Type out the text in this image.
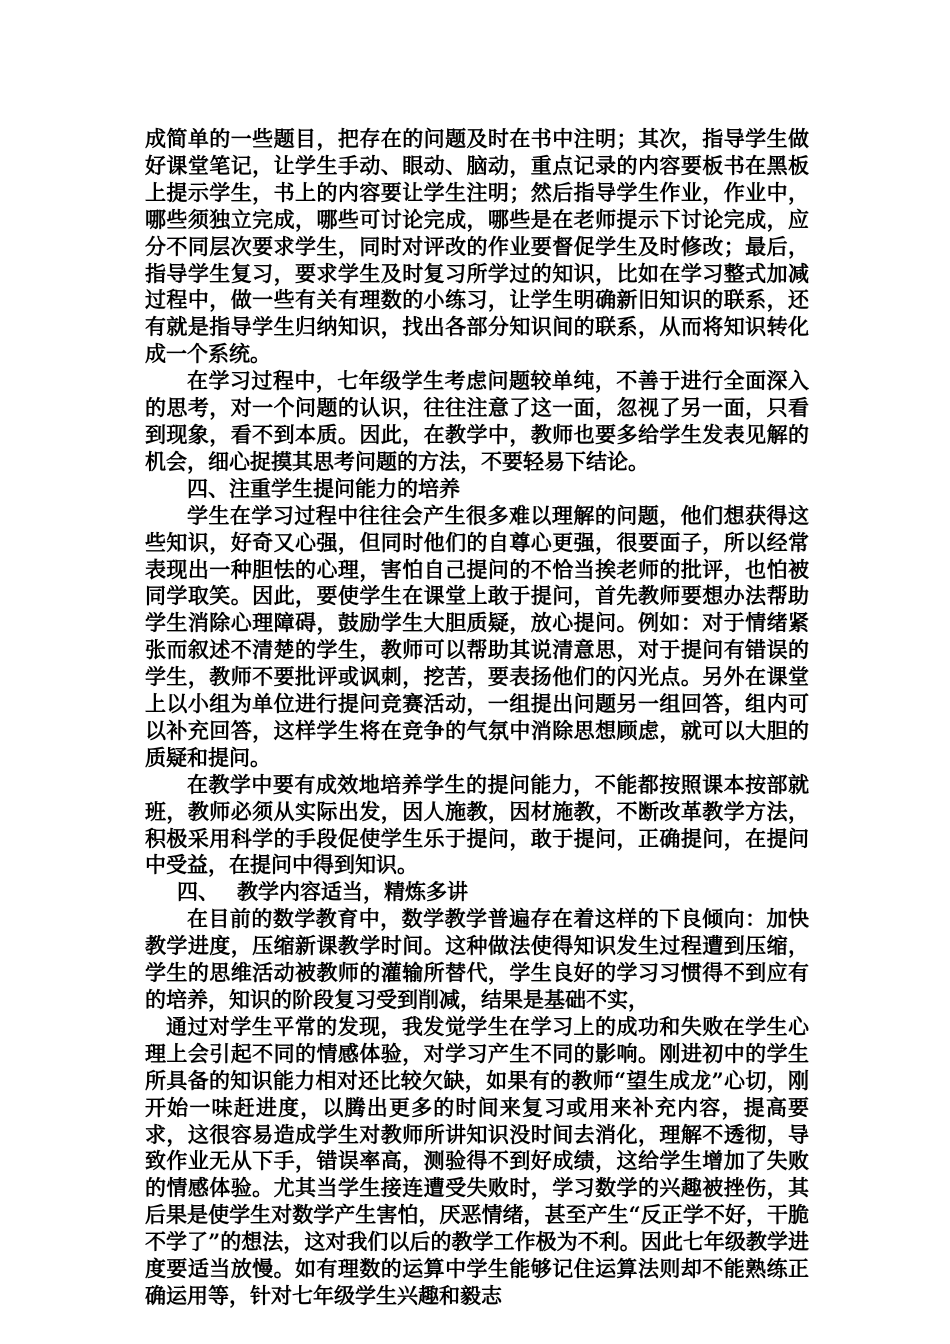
成简单的一些题目，把存在的问题及时在书中注明；其次，指导学生做好课堂笔记，让学生手动、眼动、脑动，重点记录的内容要板书在黑板上提示学生，书上的内容要让学生注明；然后指导学生作业，作业中，哪些须独立完成，哪些可讨论完成，哪些是在老师提示下讨论完成，应分不同层次要求学生，同时对评改的作业要督促学生及时修改；最后，指导学生复习，要求学生及时复习所学过的知识，比如在学习整式加减过程中，做一些有关有理数的小练习，让学生明确新旧知识的联系，还有就是指导学生归纳知识，找出各部分知识间的联系，从而将知识转化成一个系统。

在学习过程中，七年级学生考虑问题较单纯，不善于进行全面深入的思考，对一个问题的认识，往往注意了这一面，忽视了另一面，只看到现象，看不到本质。因此，在教学中，教师也要多给学生发表见解的机会，细心捉摸其思考问题的方法，不要轻易下结论。

四、注重学生提问能力的培养

学生在学习过程中往往会产生很多难以理解的问题，他们想获得这些知识，好奇又心强，但同时他们的自尊心更强，很要面子，所以经常表现出一种胆怯的心理，害怕自己提问的不恰当挨老师的批评，也怕被同学取笑。因此，要使学生在课堂上敢于提问，首先教师要想办法帮助学生消除心理障碍，鼓励学生大胆质疑，放心提问。例如：对于情绪紧张而叙述不清楚的学生，教师可以帮助其说清意思，对于提问有错误的学生，教师不要批评或讽刺，挖苦，要表扬他们的闪光点。另外在课堂上以小组为单位进行提问竞赛活动，一组提出问题另一组回答，组内可以补充回答，这样学生将在竞争的气氛中消除思想顾虑，就可以大胆的质疑和提问。

在教学中要有成效地培养学生的提问能力，不能都按照课本按部就班，教师必须从实际出发，因人施教，因材施教，不断改革教学方法，积极采用科学的手段促使学生乐于提问，敢于提问，正确提问，在提问中受益，在提问中得到知识。

四、 教学内容适当，精炼多讲

在目前的数学教育中，数学教学普遍存在着这样的下良倾向：加快教学进度，压缩新课教学时间。这种做法使得知识发生过程遭到压缩，学生的思维活动被教师的灌输所替代，学生良好的学习习惯得不到应有的培养，知识的阶段复习受到削减，结果是基础不实，

通过对学生平常的发现，我发觉学生在学习上的成功和失败在学生心理上会引起不同的情感体验，对学习产生不同的影响。刚进初中的学生所具备的知识能力相对还比较欠缺，如果有的教师“望生成龙”心切，刚开始一味赶进度，以腾出更多的时间来复习或用来补充内容，提高要求，这很容易造成学生对教师所讲知识没时间去消化，理解不透彻，导致作业无从下手，错误率高，测验得不到好成绩，这给学生增加了失败的情感体验。尤其当学生接连遭受失败时，学习数学的兴趣被挫伤，其后果是使学生对数学产生害怕，厌恶情绪，甚至产生“反正学不好，干脆不学了”的想法，这对我们以后的教学工作极为不利。因此七年级教学进度要适当放慢。如有理数的运算中学生能够记住运算法则却不能熟练正确运用等，针对七年级学生兴趣和毅志
